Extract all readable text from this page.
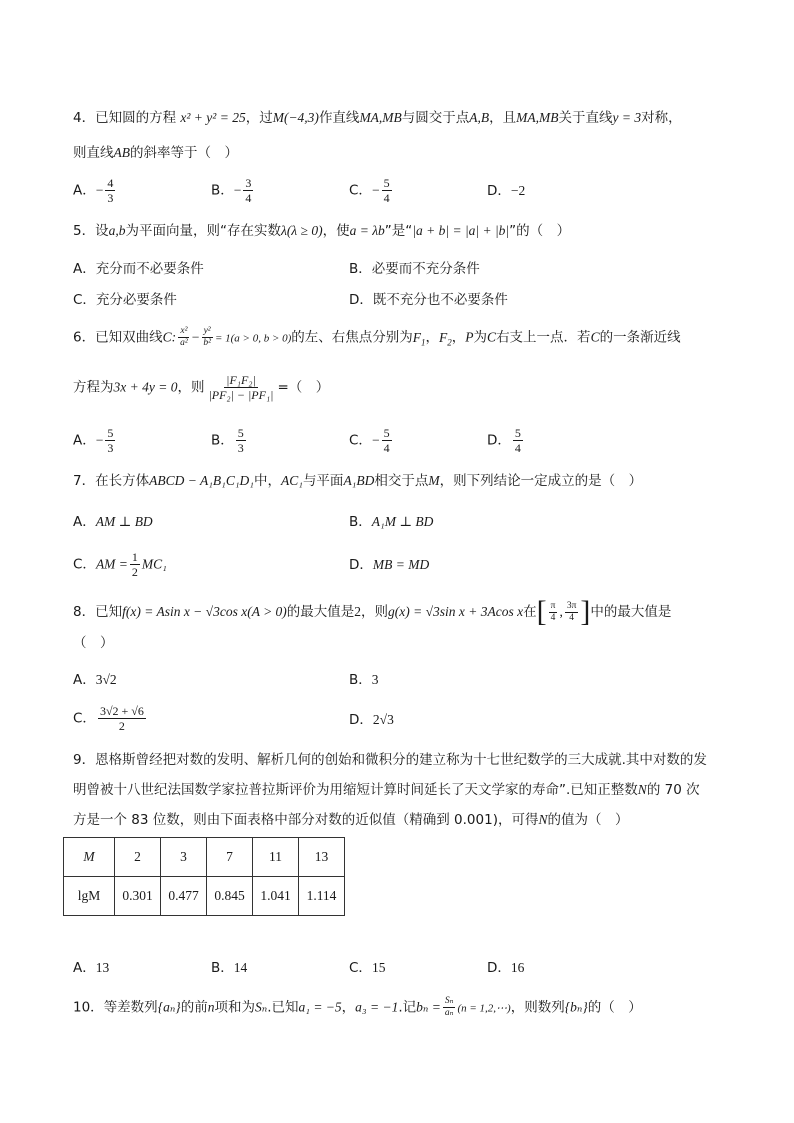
4．已知圆的方程 x² + y² = 25，过M(−4,3)作直线MA,MB与圆交于点A,B，且MA,MB关于直线y = 3对称，
则直线AB的斜率等于（　）
A．− $\frac{4}{3}$	B．− $\frac{3}{4}$	C．− $\frac{5}{4}$	D．−2
5．设a,b为平面向量，则“存在实数λ(λ ≥ 0)，使a = λb”是“|a + b| = |a| + |b|”的（　）
A．充分而不必要条件	B．必要而不充分条件
C．充分必要条件	D．既不充分也不必要条件
6．已知双曲线C: $\frac{\text{x²}}{\text{a²}} - \frac{\text{y²}}{\text{b²}} = 1(a > 0$, b > 0)的左、右焦点分别为$F_1$，$F_2$，P为C右支上一点．若C的一条渐近线
方程为3x + 4y = 0，则 $\frac{\text{|F₁F₂|}}{\text{|PF₂| − |PF₁|}}$ =（　）
A．− $\frac{5}{3}$	B． $\frac{5}{3}$	C．− $\frac{5}{4}$	D． $\frac{5}{4}$
7．在长方体ABCD − A₁B₁C₁D₁中，AC₁与平面A₁BD相交于点M，则下列结论一定成立的是（　）
A．AM ⊥ BD	B．A₁M ⊥ BD
C．AM = $\frac{1}{2} MC_1$	D．MB = MD
8．已知f(x) = Asin x − √3cos x(A > 0)的最大值是2，则g(x) = √3sin x + 3Acos x在[ $\frac{\pi}{4}$ , $\frac{3\pi}{4}$ ]中的最大值是
（　）
A．3√2	B．3
C． $\frac{3√2 + √6}{2}$	D．2√3
9．恩格斯曾经把对数的发明、解析几何的创始和微积分的建立称为十七世纪数学的三大成就.其中对数的发
明曾被十八世纪法国数学家拉普拉斯评价为用缩短计算时间延长了天文学家的寿命”.已知正整数N的 70 次
方是一个 83 位数，则由下面表格中部分对数的近似值（精确到 0.001)，可得N的值为（　）
M	2	3	7	11	13
lgM	0.301	0.477	0.845	1.041	1.114
A．13	B．14	C．15	D．16
10．等差数列{aₙ}的前n项和为Sₙ.已知a₁ = −5，a₃ = −1.记$b_n = \frac{\text{Sₙ}}{\text{aₙ}} (n$ = 1,2,⋯)，则数列{bₙ}的（　）
